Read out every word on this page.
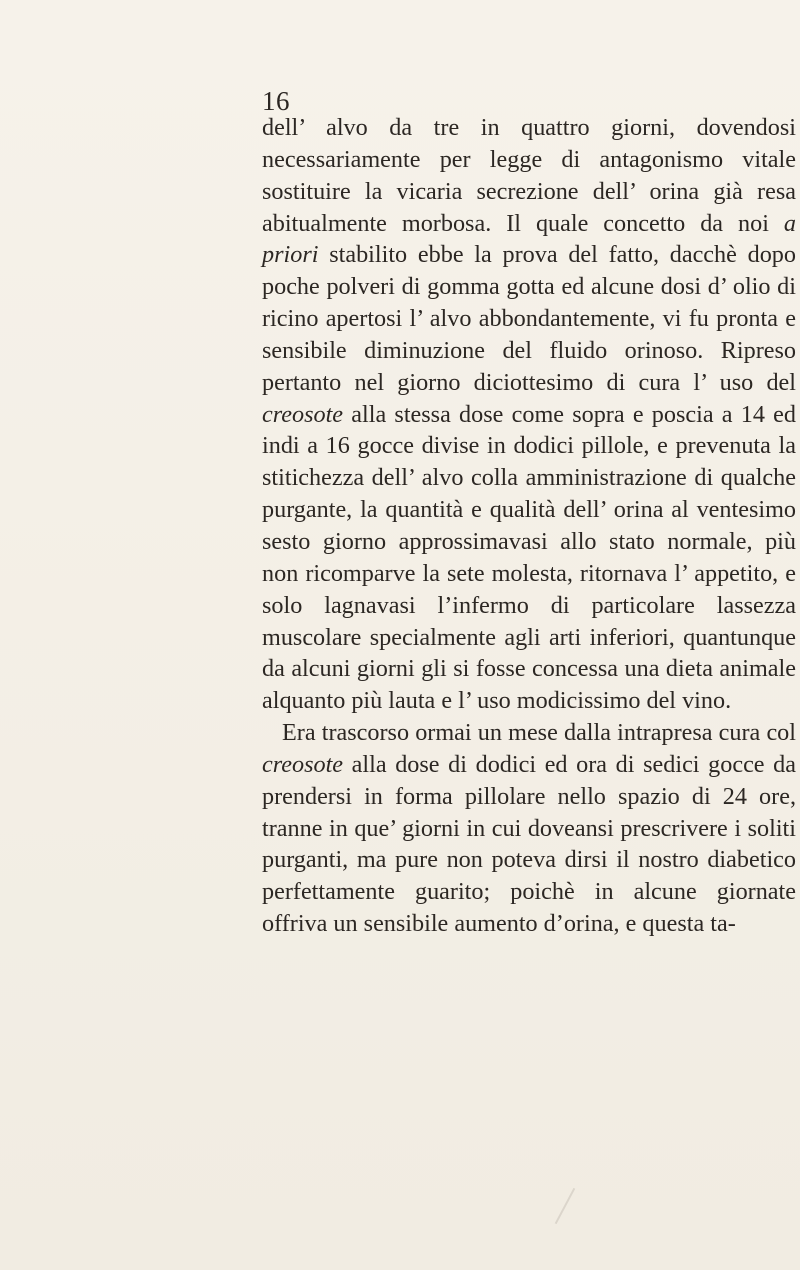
16

dell’ alvo da tre in quattro giorni, dovendosi necessariamente per legge di antagonismo vitale sostituire la vicaria secrezione dell’ orina già resa abitualmente morbosa. Il quale concetto da noi a priori stabilito ebbe la prova del fatto, dacchè dopo poche polveri di gomma gotta ed alcune dosi d’ olio di ricino apertosi l’ alvo abbondantemente, vi fu pronta e sensibile diminuzione del fluido orinoso. Ripreso pertanto nel giorno diciottesimo di cura l’ uso del creosote alla stessa dose come sopra e poscia a 14 ed indi a 16 gocce divise in dodici pillole, e prevenuta la stitichezza dell’ alvo colla amministrazione di qualche purgante, la quantità e qualità dell’ orina al ventesimo sesto giorno approssimavasi allo stato normale, più non ricomparve la sete molesta, ritornava l’ appetito, e solo lagnavasi l’infermo di particolare lassezza muscolare specialmente agli arti inferiori, quantunque da alcuni giorni gli si fosse concessa una dieta animale alquanto più lauta e l’ uso modicissimo del vino.

Era trascorso ormai un mese dalla intrapresa cura col creosote alla dose di dodici ed ora di sedici gocce da prendersi in forma pillolare nello spazio di 24 ore, tranne in que’ giorni in cui doveansi prescrivere i soliti purganti, ma pure non poteva dirsi il nostro diabetico perfettamente guarito; poichè in alcune giornate offriva un sensibile aumento d’orina, e questa ta-
